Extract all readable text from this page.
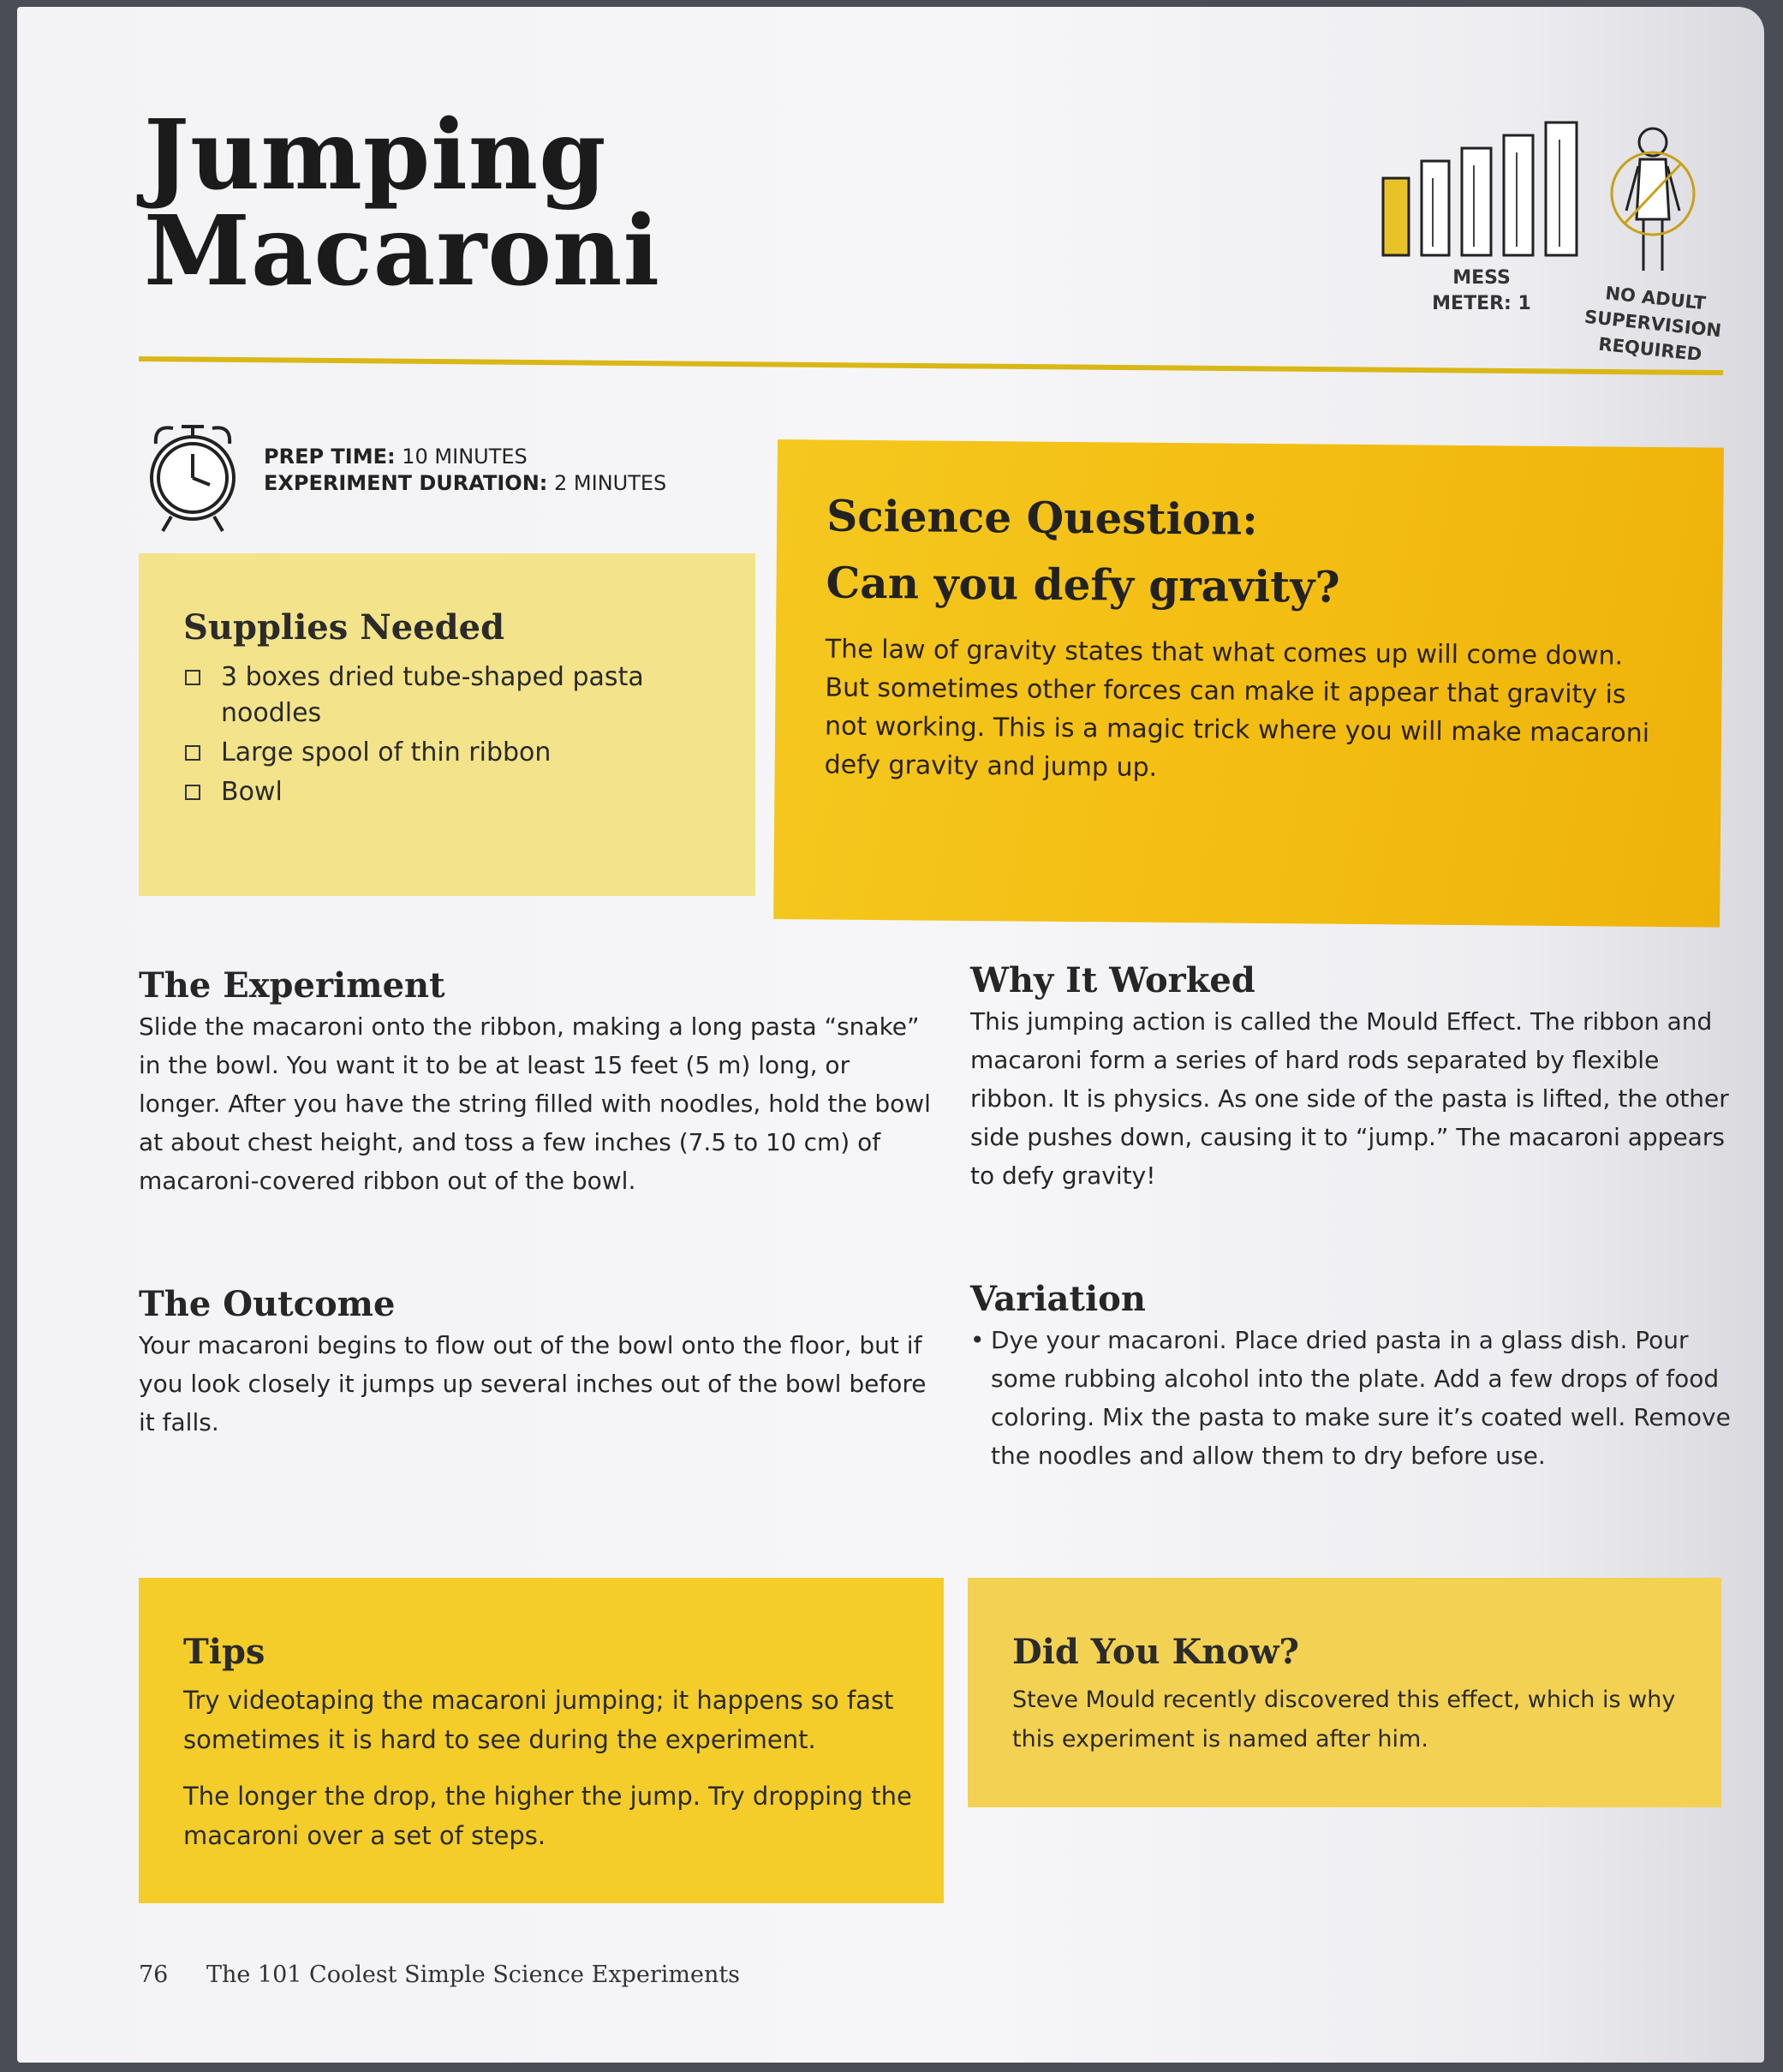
Jumping
Macaroni	MESS METER: 1	NO ADULT SUPERVISION REQUIRED
PREP TIME: 10 MINUTES
EXPERIMENT DURATION: 2 MINUTES
Supplies Needed
3 boxes dried tube-shaped pasta noodles
Large spool of thin ribbon
Bowl
Science Question:
Can you defy gravity?

The law of gravity states that what comes up will come down. But sometimes other forces can make it appear that gravity is not working. This is a magic trick where you will make macaroni defy gravity and jump up.

The Experiment

Slide the macaroni onto the ribbon, making a long pasta “snake” in the bowl. You want it to be at least 15 feet (5 m) long, or longer. After you have the string filled with noodles, hold the bowl at about chest height, and toss a few inches (7.5 to 10 cm) of macaroni-covered ribbon out of the bowl.

Why It Worked

This jumping action is called the Mould Effect. The ribbon and macaroni form a series of hard rods separated by flexible ribbon. It is physics. As one side of the pasta is lifted, the other side pushes down, causing it to “jump.” The macaroni appears to defy gravity!

The Outcome

Your macaroni begins to flow out of the bowl onto the floor, but if you look closely it jumps up several inches out of the bowl before it falls.

Variation
• Dye your macaroni. Place dried pasta in a glass dish. Pour some rubbing alcohol into the plate. Add a few drops of food coloring. Mix the pasta to make sure it’s coated well. Remove the noodles and allow them to dry before use.
Tips

Try videotaping the macaroni jumping; it happens so fast sometimes it is hard to see during the experiment.

The longer the drop, the higher the jump. Try dropping the macaroni over a set of steps.

Did You Know?

Steve Mould recently discovered this effect, which is why this experiment is named after him.

76 The 101 Coolest Simple Science Experiments
